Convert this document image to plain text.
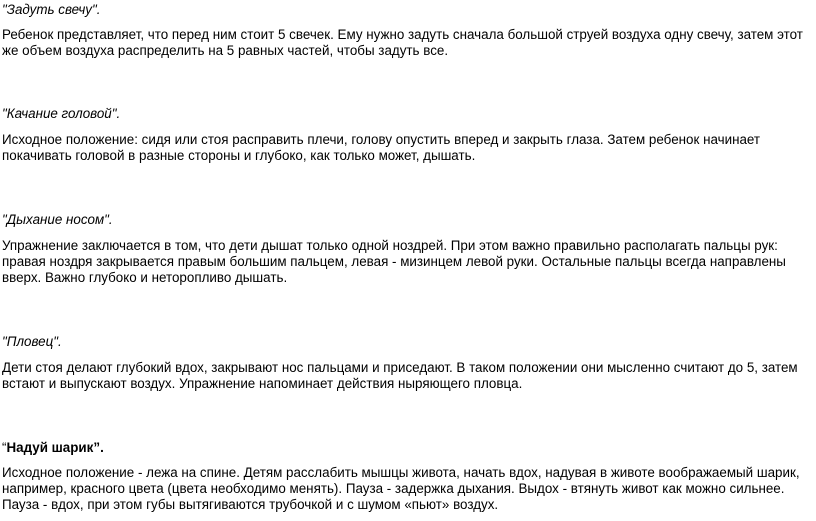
"Задуть свечу".

Ребенок представляет, что перед ним стоит 5 свечек. Ему нужно задуть сначала большой струей воздуха одну свечу, затем этот же объем воздуха распределить на 5 равных частей, чтобы задуть все.

"Качание головой".

Исходное положение: сидя или стоя расправить плечи, голову опустить вперед и закрыть глаза. Затем ребенок начинает покачивать головой в разные стороны и глубоко, как только может, дышать.

"Дыхание носом".

Упражнение заключается в том, что дети дышат только одной ноздрей. При этом важно правильно располагать пальцы рук: правая ноздря закрывается правым большим пальцем, левая - мизинцем левой руки. Остальные пальцы всегда направлены вверх. Важно глубоко и неторопливо дышать.

"Пловец".

Дети стоя делают глубокий вдох, закрывают нос пальцами и приседают. В таком положении они мысленно считают до 5, затем встают и выпускают воздух. Упражнение напоминает действия ныряющего пловца.

“Надуй шарик”.

Исходное положение - лежа на спине. Детям расслабить мышцы живота, начать вдох, надувая в животе воображаемый шарик, например, красного цвета (цвета необходимо менять). Пауза - задержка дыхания. Выдох - втянуть живот как можно сильнее. Пауза - вдох, при этом губы вытягиваются трубочкой и с шумом «пьют» воздух.
